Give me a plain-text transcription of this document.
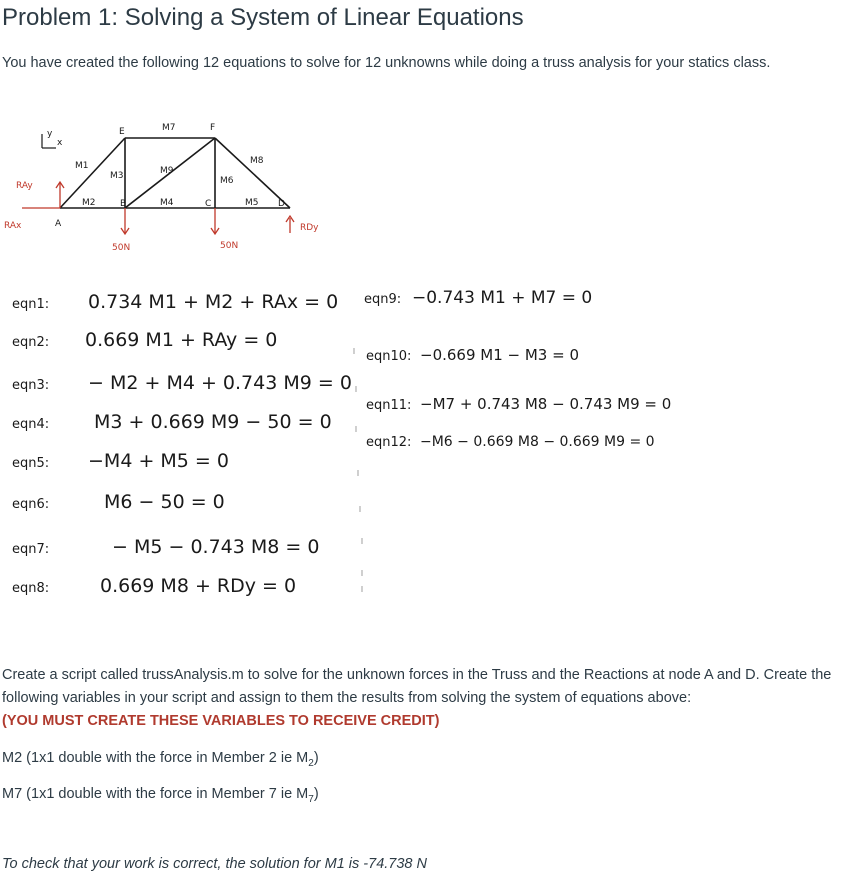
Problem 1: Solving a System of Linear Equations

You have created the following 12 equations to solve for 12 unknowns while doing a truss analysis for your statics class.

y
x
A
B	C	D
E	F
M1
M2
M3
M4	M5
M6
M7
M8
M9
RAx
RAy
RDy
50N	50N
eqn1: 0.734 M1 + M2 + RAx = 0
eqn2: 0.669 M1 + RAy = 0
eqn3: − M2 + M4 + 0.743 M9 = 0
eqn4: M3 + 0.669 M9 − 50 = 0
eqn5: −M4 + M5 = 0
eqn6:	M6 − 50 = 0
eqn7:	− M5 − 0.743 M8 = 0
eqn8:	0.669 M8 + RDy = 0
eqn9: −0.743 M1 + M7 = 0
eqn10: −0.669 M1 − M3 = 0
eqn11: −M7 + 0.743 M8 − 0.743 M9 = 0
eqn12: −M6 − 0.669 M8 − 0.669 M9 = 0

Create a script called trussAnalysis.m to solve for the unknown forces in the Truss and the Reactions at node A and D. Create the following variables in your script and assign to them the results from solving the system of equations above:
(YOU MUST CREATE THESE VARIABLES TO RECEIVE CREDIT)

M2 (1x1 double with the force in Member 2 ie $M_2$)

M7 (1x1 double with the force in Member 7 ie $M_7$)

To check that your work is correct, the solution for M1 is -74.738 N
